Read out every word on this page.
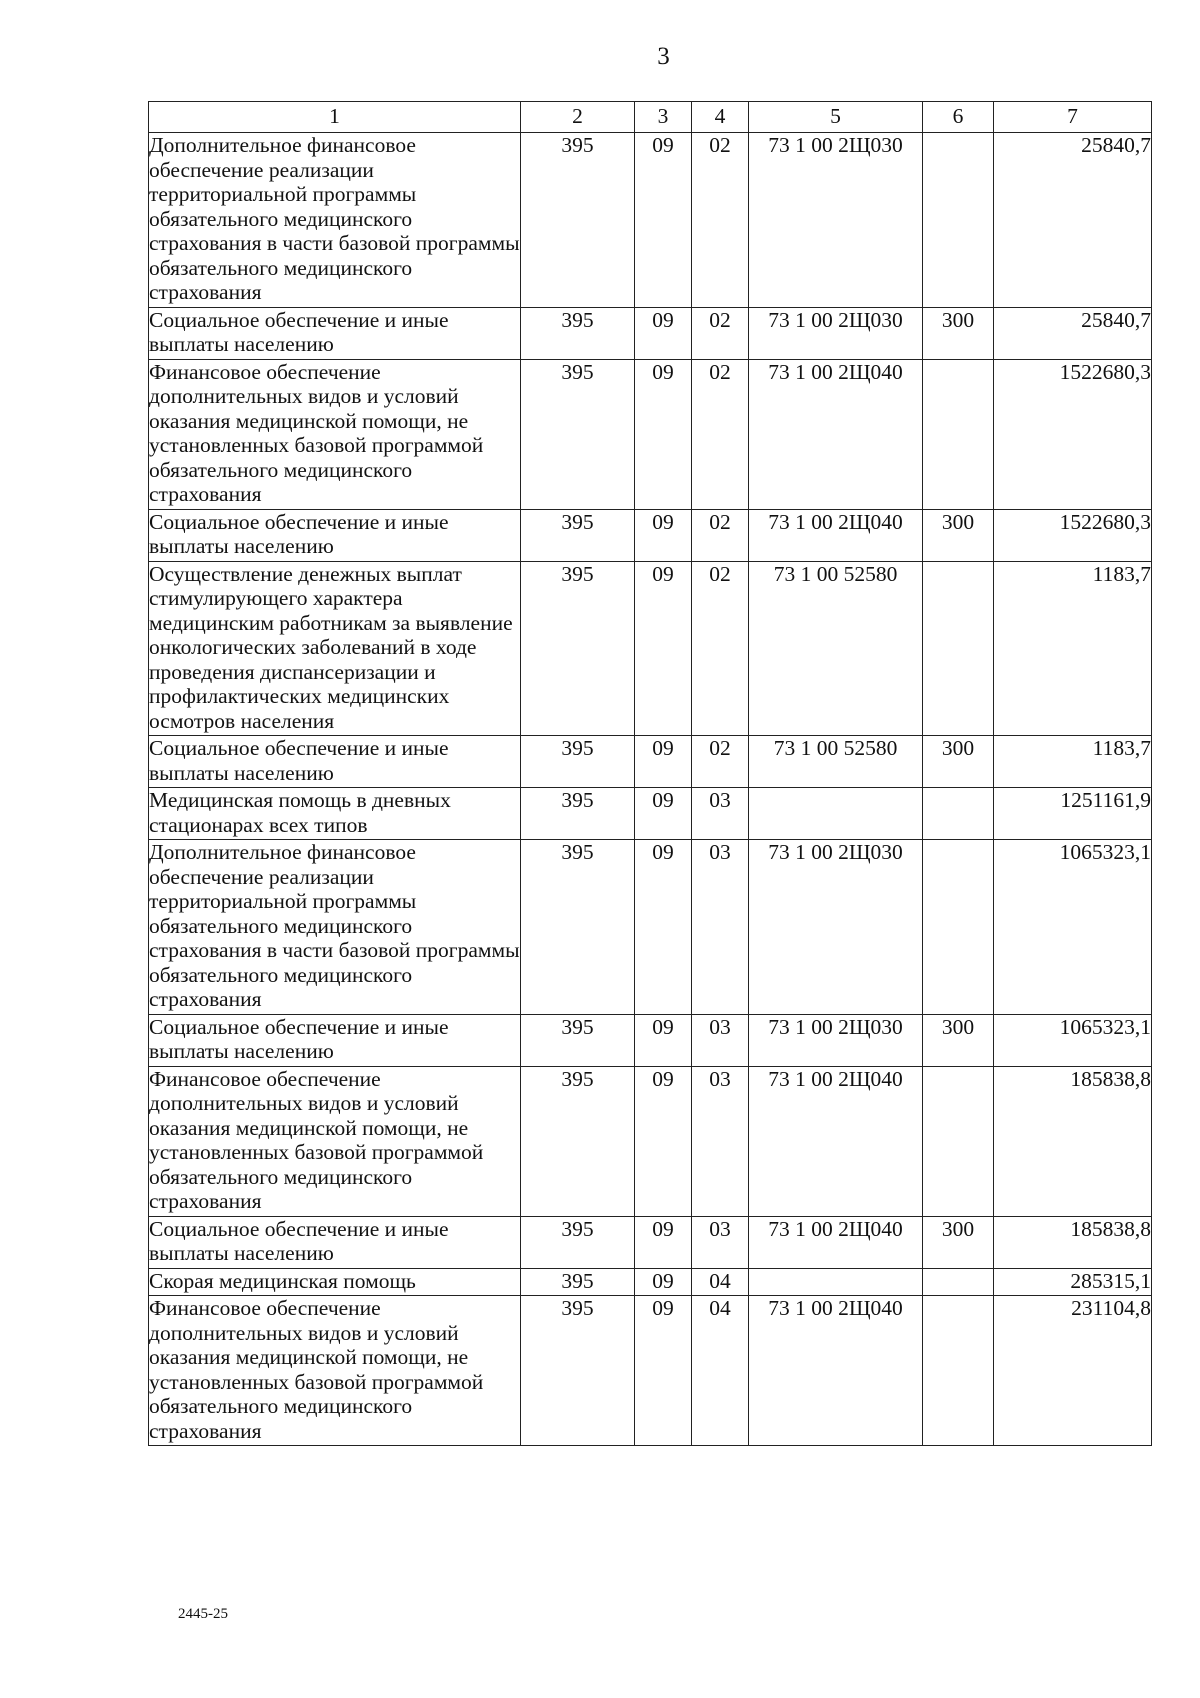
3
1	2	3	4	5	6	7
Дополнительное финансовое обеспечение реализации территориальной программы обязательного медицинского страхования в части базовой программы обязательного медицинского страхования	395	09	02	73 1 00 2Щ030		25840,7
Социальное обеспечение и иные выплаты населению	395	09	02	73 1 00 2Щ030	300	25840,7
Финансовое обеспечение дополнительных видов и условий оказания медицинской помощи, не установленных базовой программой обязательного медицинского страхования	395	09	02	73 1 00 2Щ040		1522680,3
Социальное обеспечение и иные выплаты населению	395	09	02	73 1 00 2Щ040	300	1522680,3
Осуществление денежных выплат стимулирующего характера медицинским работникам за выявление онкологических заболеваний в ходе проведения диспансеризации и профилактических медицинских осмотров населения	395	09	02	73 1 00 52580		1183,7
Социальное обеспечение и иные выплаты населению	395	09	02	73 1 00 52580	300	1183,7
Медицинская помощь в дневных стационарах всех типов	395	09	03			1251161,9
Дополнительное финансовое обеспечение реализации территориальной программы обязательного медицинского страхования в части базовой программы обязательного медицинского страхования	395	09	03	73 1 00 2Щ030		1065323,1
Социальное обеспечение и иные выплаты населению	395	09	03	73 1 00 2Щ030	300	1065323,1
Финансовое обеспечение дополнительных видов и условий оказания медицинской помощи, не установленных базовой программой обязательного медицинского страхования	395	09	03	73 1 00 2Щ040		185838,8
Социальное обеспечение и иные выплаты населению	395	09	03	73 1 00 2Щ040	300	185838,8
Скорая медицинская помощь	395	09	04			285315,1
Финансовое обеспечение дополнительных видов и условий оказания медицинской помощи, не установленных базовой программой обязательного медицинского страхования	395	09	04	73 1 00 2Щ040		231104,8
2445-25
